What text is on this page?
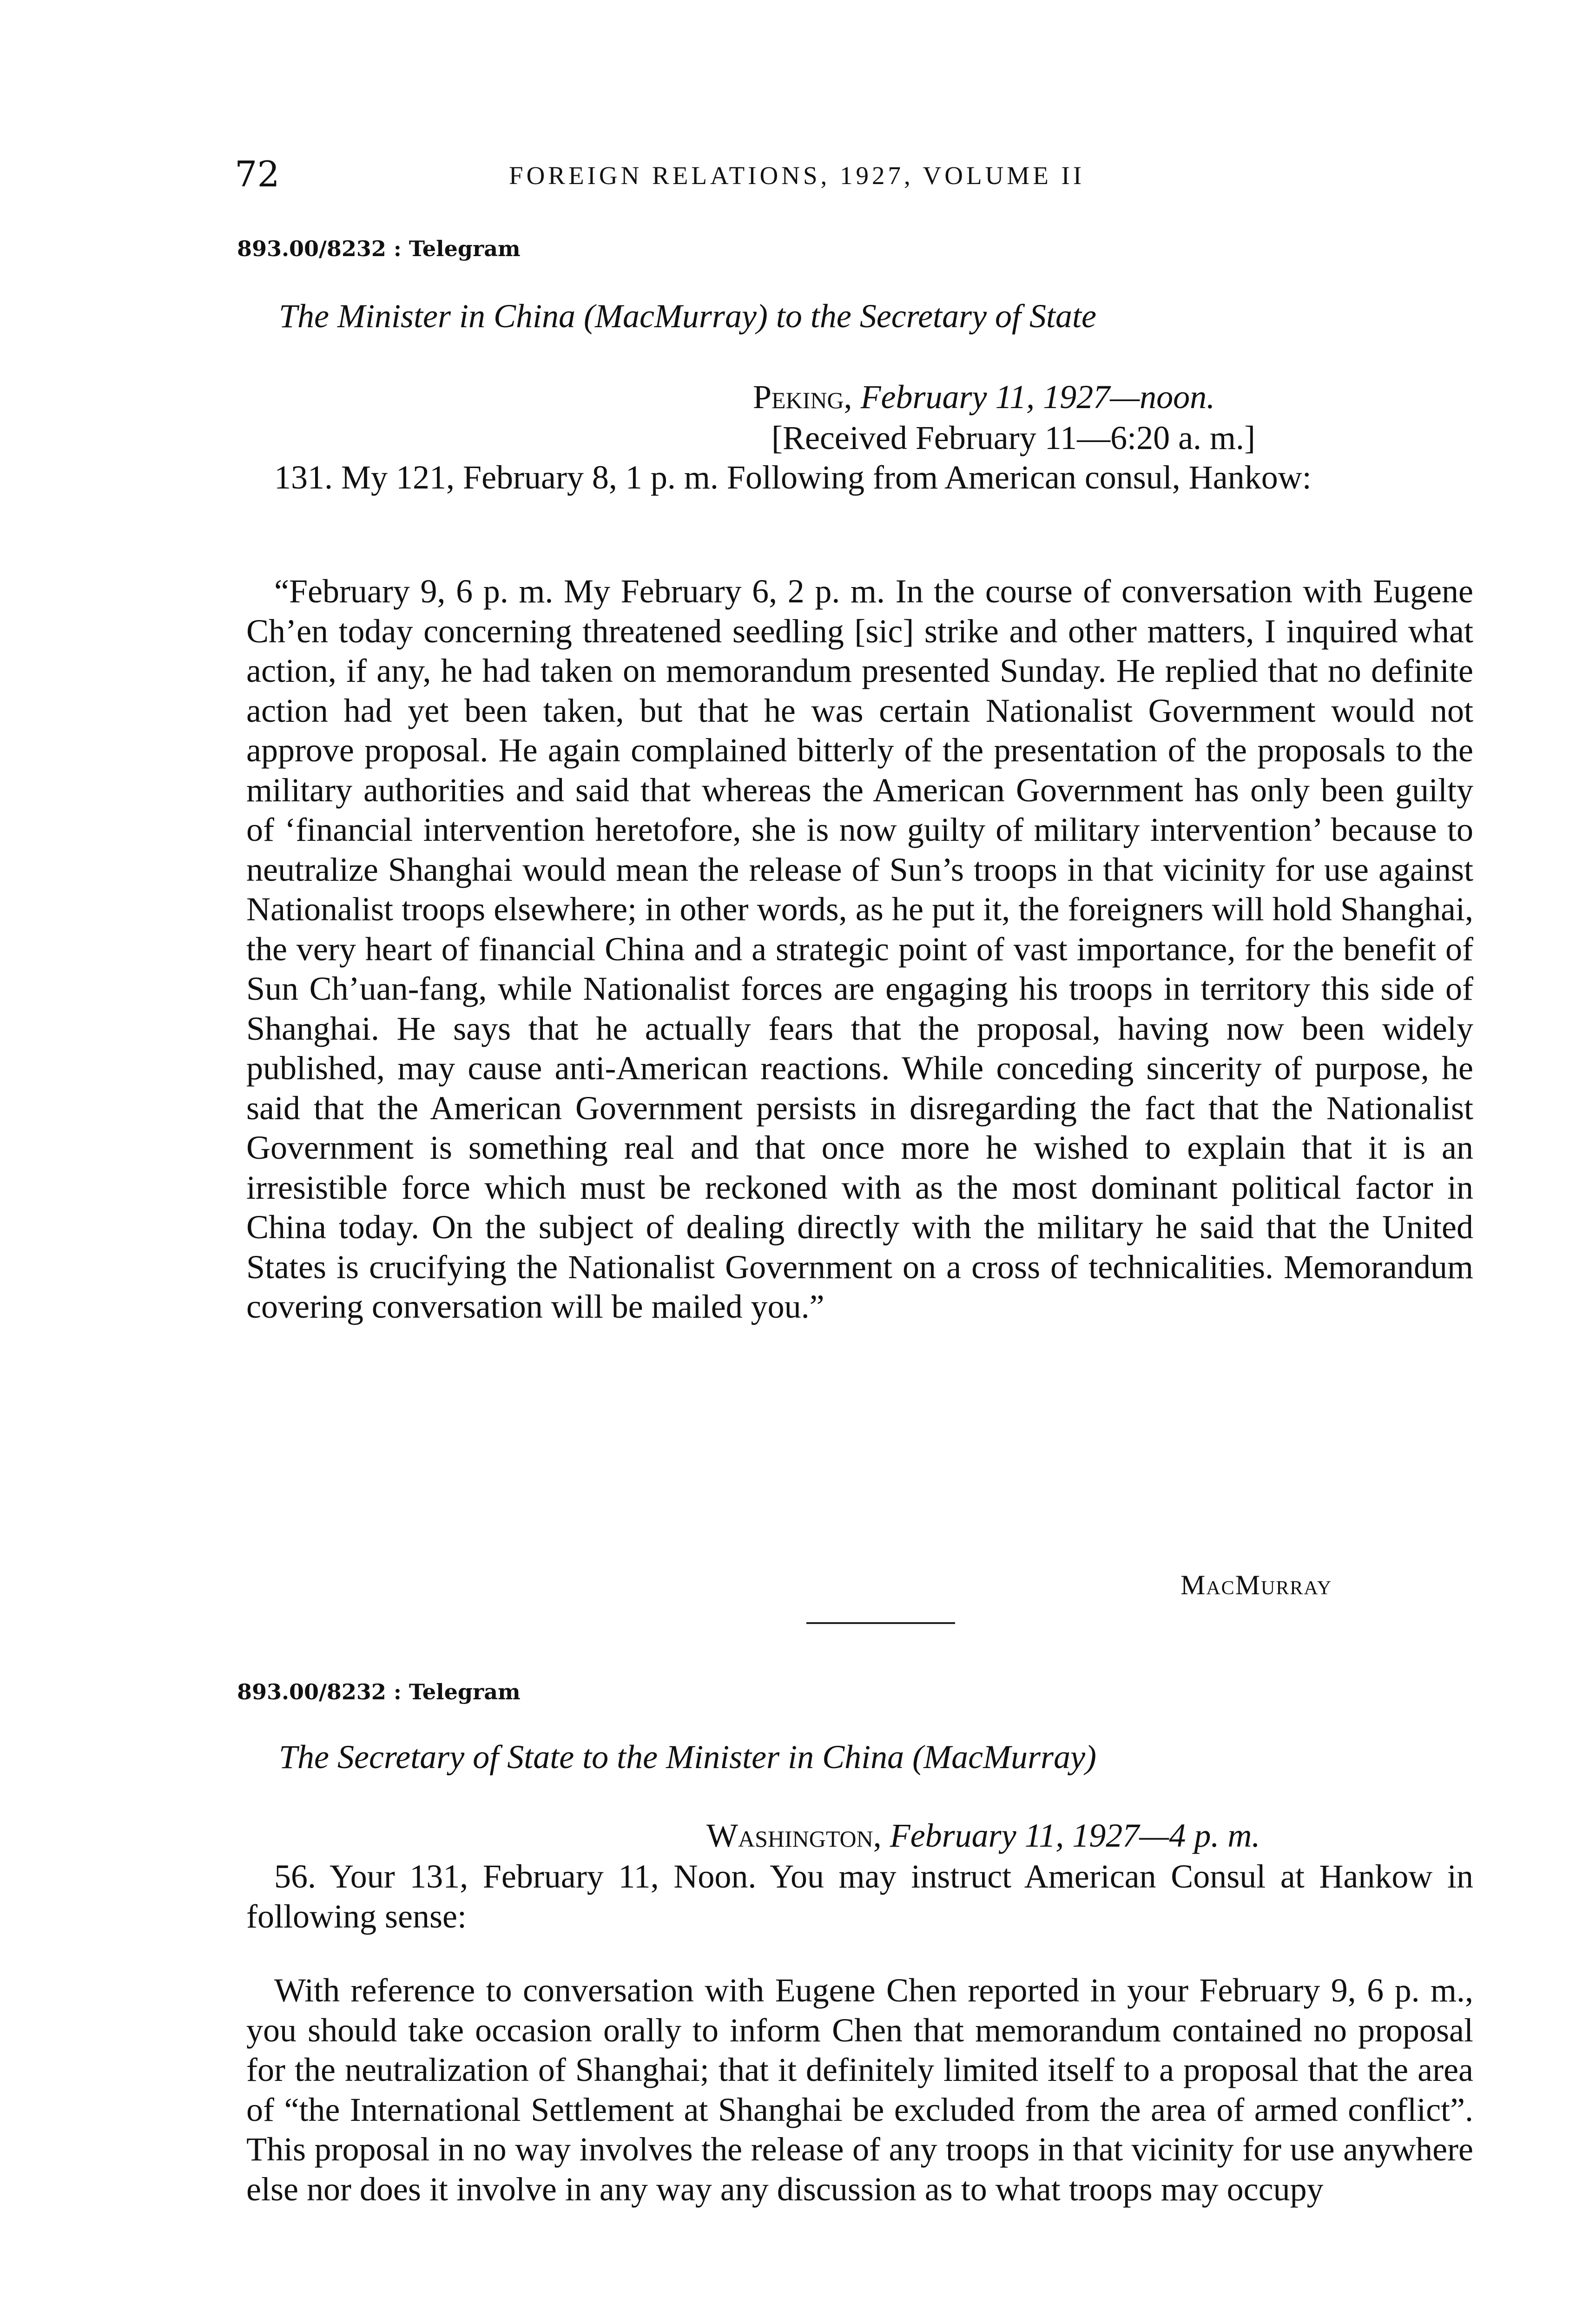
72	FOREIGN RELATIONS, 1927, VOLUME II
893.00/8232 : Telegram
The Minister in China (MacMurray) to the Secretary of State
Peking, February 11, 1927—noon.
[Received February 11—6:20 a. m.]

131. My 121, February 8, 1 p. m. Following from American consul, Hankow:

“February 9, 6 p. m. My February 6, 2 p. m. In the course of conversation with Eugene Ch’en today concerning threatened seedling [sic] strike and other matters, I inquired what action, if any, he had taken on memorandum presented Sunday. He replied that no definite action had yet been taken, but that he was certain Nationalist Government would not approve proposal. He again complained bitterly of the presentation of the proposals to the military authorities and said that whereas the American Government has only been guilty of ‘financial intervention heretofore, she is now guilty of military intervention’ because to neutralize Shanghai would mean the release of Sun’s troops in that vicinity for use against Nationalist troops elsewhere; in other words, as he put it, the foreigners will hold Shanghai, the very heart of financial China and a strategic point of vast importance, for the benefit of Sun Ch’uan-fang, while Nationalist forces are engaging his troops in territory this side of Shanghai. He says that he actually fears that the proposal, having now been widely published, may cause anti-American reactions. While conceding sincerity of purpose, he said that the American Government persists in disregarding the fact that the Nationalist Government is something real and that once more he wished to explain that it is an irresistible force which must be reckoned with as the most dominant political factor in China today. On the subject of dealing directly with the military he said that the United States is crucifying the Nationalist Government on a cross of technicalities. Memorandum covering conversation will be mailed you.”

MacMurray
893.00/8232 : Telegram
The Secretary of State to the Minister in China (MacMurray)
Washington, February 11, 1927—4 p. m.

56. Your 131, February 11, Noon. You may instruct American Consul at Hankow in following sense:

With reference to conversation with Eugene Chen reported in your February 9, 6 p. m., you should take occasion orally to inform Chen that memorandum contained no proposal for the neutralization of Shanghai; that it definitely limited itself to a proposal that the area of “the International Settlement at Shanghai be excluded from the area of armed conflict”. This proposal in no way involves the release of any troops in that vicinity for use anywhere else nor does it involve in any way any discussion as to what troops may occupy
